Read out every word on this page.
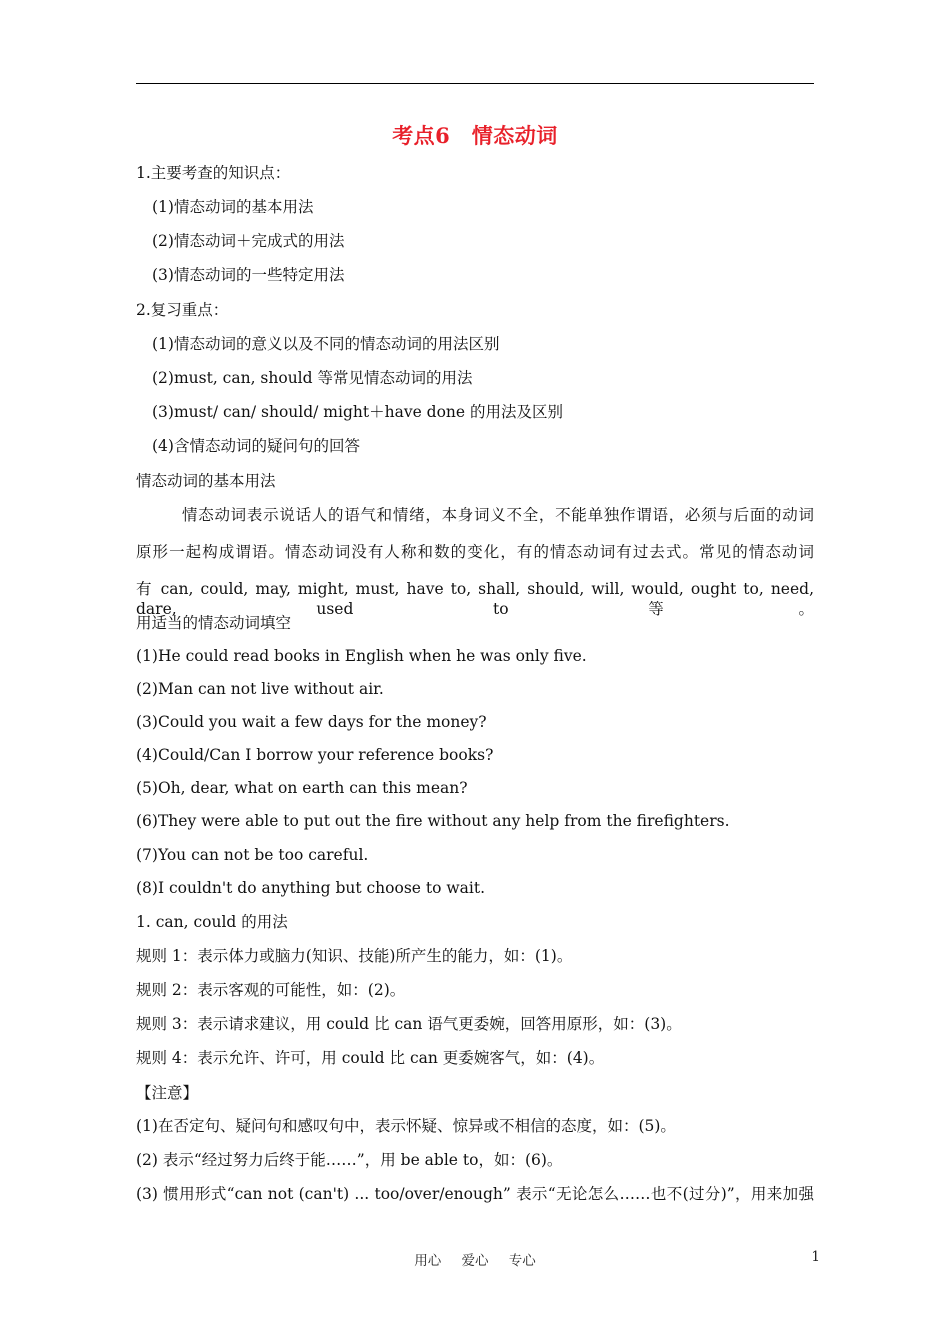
考点6　情态动词
1.主要考查的知识点：
(1)情态动词的基本用法
(2)情态动词＋完成式的用法
(3)情态动词的一些特定用法
2.复习重点：
(1)情态动词的意义以及不同的情态动词的用法区别
(2)must, can, should 等常见情态动词的用法
(3)must/ can/ should/ might＋have done 的用法及区别
(4)含情态动词的疑问句的回答
情态动词的基本用法
情态动词表示说话人的语气和情绪，本身词义不全，不能单独作谓语，必须与后面的动词
原形一起构成谓语。情态动词没有人称和数的变化，有的情态动词有过去式。常见的情态动词
有 can, could, may, might, must, have to, shall, should, will, would, ought to, need, dare, used to 等。
用适当的情态动词填空
(1)He could read books in English when he was only five.
(2)Man can not live without air.
(3)Could you wait a few days for the money?
(4)Could/Can I borrow your reference books?
(5)Oh, dear, what on earth can this mean?
(6)They were able to put out the fire without any help from the firefighters.
(7)You can not be too careful.
(8)I couldn't do anything but choose to wait.
1. can, could 的用法
规则 1：表示体力或脑力(知识、技能)所产生的能力，如：(1)。
规则 2：表示客观的可能性，如：(2)。
规则 3：表示请求建议，用 could 比 can 语气更委婉，回答用原形，如：(3)。
规则 4：表示允许、许可，用 could 比 can 更委婉客气，如：(4)。
【注意】
(1)在否定句、疑问句和感叹句中，表示怀疑、惊异或不相信的态度，如：(5)。
(2) 表示“经过努力后终于能……”，用 be able to，如：(6)。
(3) 惯用形式“can not (can't) ... too/over/enough” 表示“无论怎么……也不(过分)”，用来加强
用心 爱心 专心	1
